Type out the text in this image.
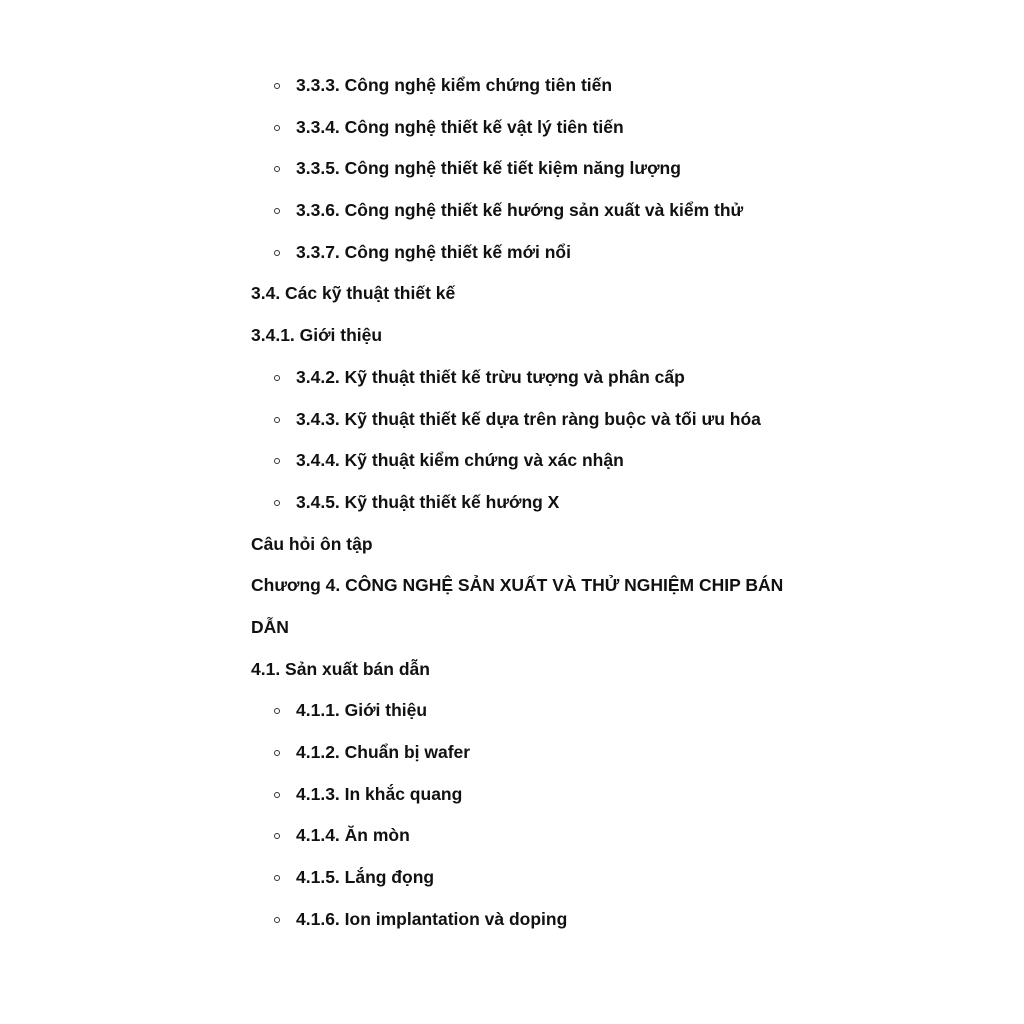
3.3.3. Công nghệ kiểm chứng tiên tiến
3.3.4. Công nghệ thiết kế vật lý tiên tiến
3.3.5. Công nghệ thiết kế tiết kiệm năng lượng
3.3.6. Công nghệ thiết kế hướng sản xuất và kiểm thử
3.3.7. Công nghệ thiết kế mới nổi
3.4. Các kỹ thuật thiết kế
3.4.1. Giới thiệu
3.4.2. Kỹ thuật thiết kế trừu tượng và phân cấp
3.4.3. Kỹ thuật thiết kế dựa trên ràng buộc và tối ưu hóa
3.4.4. Kỹ thuật kiểm chứng và xác nhận
3.4.5. Kỹ thuật thiết kế hướng X
Câu hỏi ôn tập
Chương 4. CÔNG NGHỆ SẢN XUẤT VÀ THỬ NGHIỆM CHIP BÁN
DẪN
4.1. Sản xuất bán dẫn
4.1.1. Giới thiệu
4.1.2. Chuẩn bị wafer
4.1.3. In khắc quang
4.1.4. Ăn mòn
4.1.5. Lắng đọng
4.1.6. Ion implantation và doping
